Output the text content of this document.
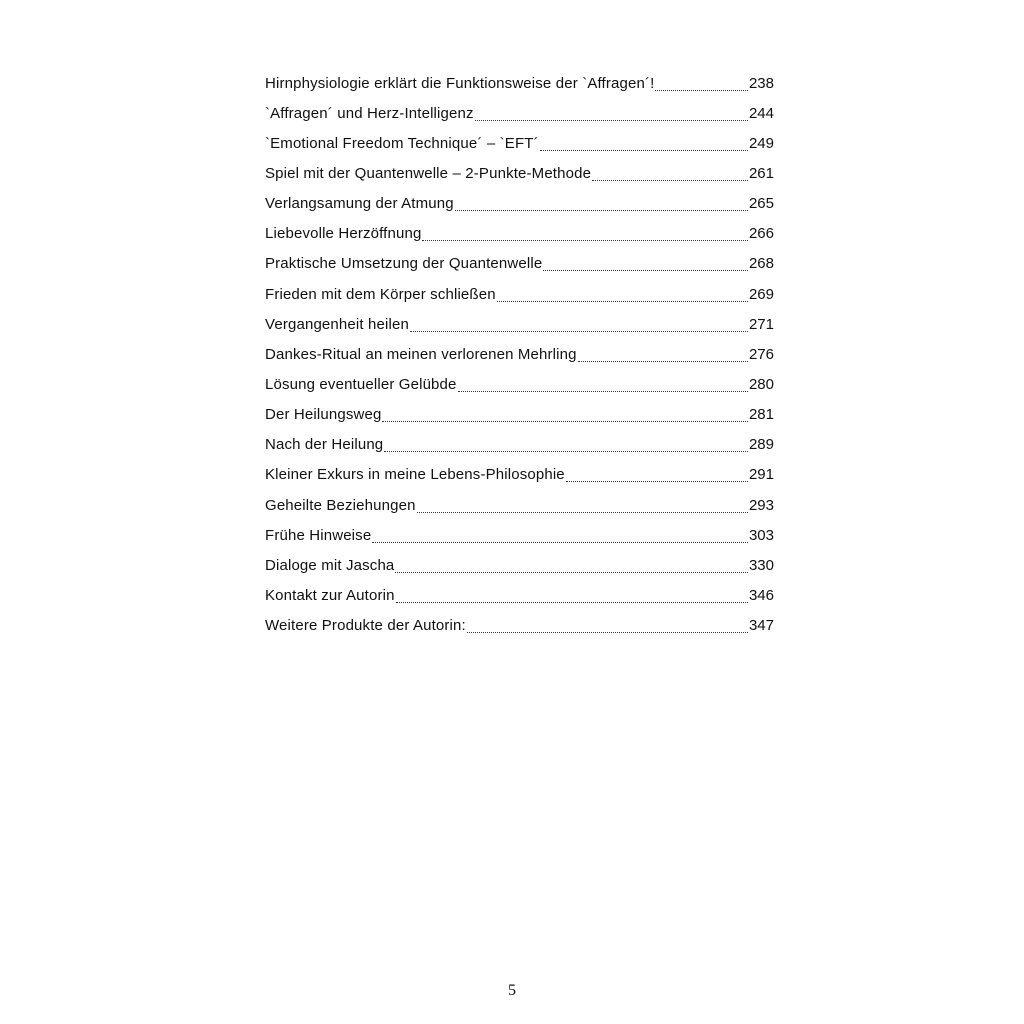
Hirnphysiologie erklärt die Funktionsweise der `Affragen´!	238
`Affragen´ und Herz-Intelligenz	244
`Emotional Freedom Technique´ – `EFT´	249
Spiel mit der Quantenwelle – 2-Punkte-Methode	261
Verlangsamung der Atmung	265
Liebevolle Herzöffnung	266
Praktische Umsetzung der Quantenwelle	268
Frieden mit dem Körper schließen	269
Vergangenheit heilen	271
Dankes-Ritual an meinen verlorenen Mehrling	276
Lösung eventueller Gelübde	280
Der Heilungsweg	281
Nach der Heilung	289
Kleiner Exkurs in meine Lebens-Philosophie	291
Geheilte Beziehungen	293
Frühe Hinweise	303
Dialoge mit Jascha	330
Kontakt zur Autorin	346
Weitere Produkte der Autorin:	347
5
